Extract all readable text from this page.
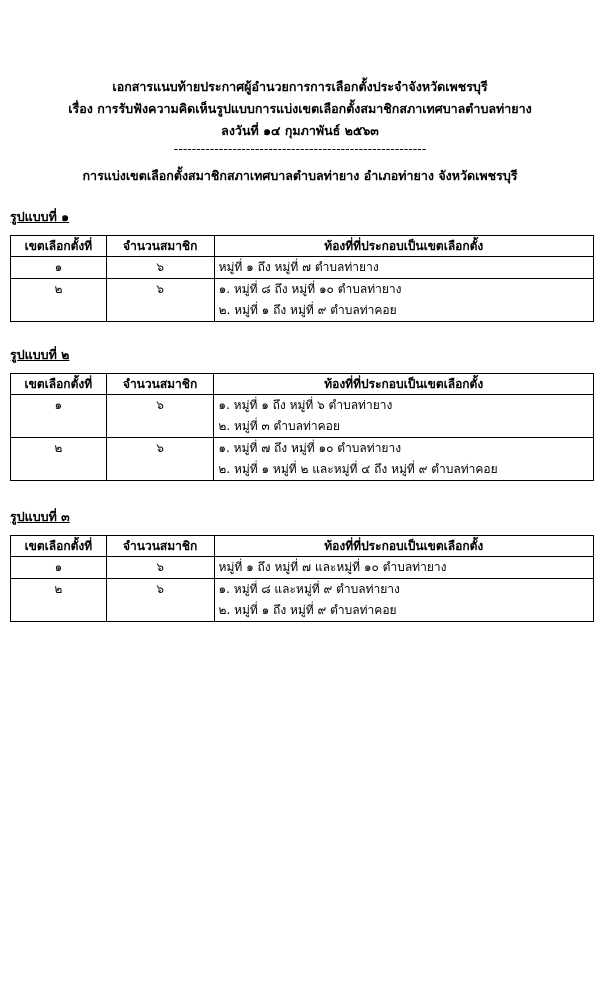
เอกสารแนบท้ายประกาศผู้อำนวยการการเลือกตั้งประจำจังหวัดเพชรบุรี
เรื่อง การรับฟังความคิดเห็นรูปแบบการแบ่งเขตเลือกตั้งสมาชิกสภาเทศบาลตำบลท่ายาง
ลงวันที่ ๑๔ กุมภาพันธ์ ๒๕๖๓
--------------------------------------------------------
การแบ่งเขตเลือกตั้งสมาชิกสภาเทศบาลตำบลท่ายาง อำเภอท่ายาง จังหวัดเพชรบุรี
รูปแบบที่ ๑
เขตเลือกตั้งที่	จำนวนสมาชิก	ท้องที่ที่ประกอบเป็นเขตเลือกตั้ง
๑	๖	หมู่ที่ ๑ ถึง หมู่ที่ ๗ ตำบลท่ายาง

๒	๖	๑. หมู่ที่ ๘ ถึง หมู่ที่ ๑๐ ตำบลท่ายาง
๒. หมู่ที่ ๑ ถึง หมู่ที่ ๙ ตำบลท่าคอย
รูปแบบที่ ๒
เขตเลือกตั้งที่	จำนวนสมาชิก	ท้องที่ที่ประกอบเป็นเขตเลือกตั้ง
๑	๖	๑. หมู่ที่ ๑ ถึง หมู่ที่ ๖ ตำบลท่ายาง
๒. หมู่ที่ ๓ ตำบลท่าคอย

๒	๖	๑. หมู่ที่ ๗ ถึง หมู่ที่ ๑๐ ตำบลท่ายาง
๒. หมู่ที่ ๑ หมู่ที่ ๒ และหมู่ที่ ๔ ถึง หมู่ที่ ๙ ตำบลท่าคอย
รูปแบบที่ ๓
เขตเลือกตั้งที่	จำนวนสมาชิก	ท้องที่ที่ประกอบเป็นเขตเลือกตั้ง
๑	๖	หมู่ที่ ๑ ถึง หมู่ที่ ๗ และหมู่ที่ ๑๐ ตำบลท่ายาง

๒	๖	๑. หมู่ที่ ๘ และหมู่ที่ ๙ ตำบลท่ายาง
๒. หมู่ที่ ๑ ถึง หมู่ที่ ๙ ตำบลท่าคอย
